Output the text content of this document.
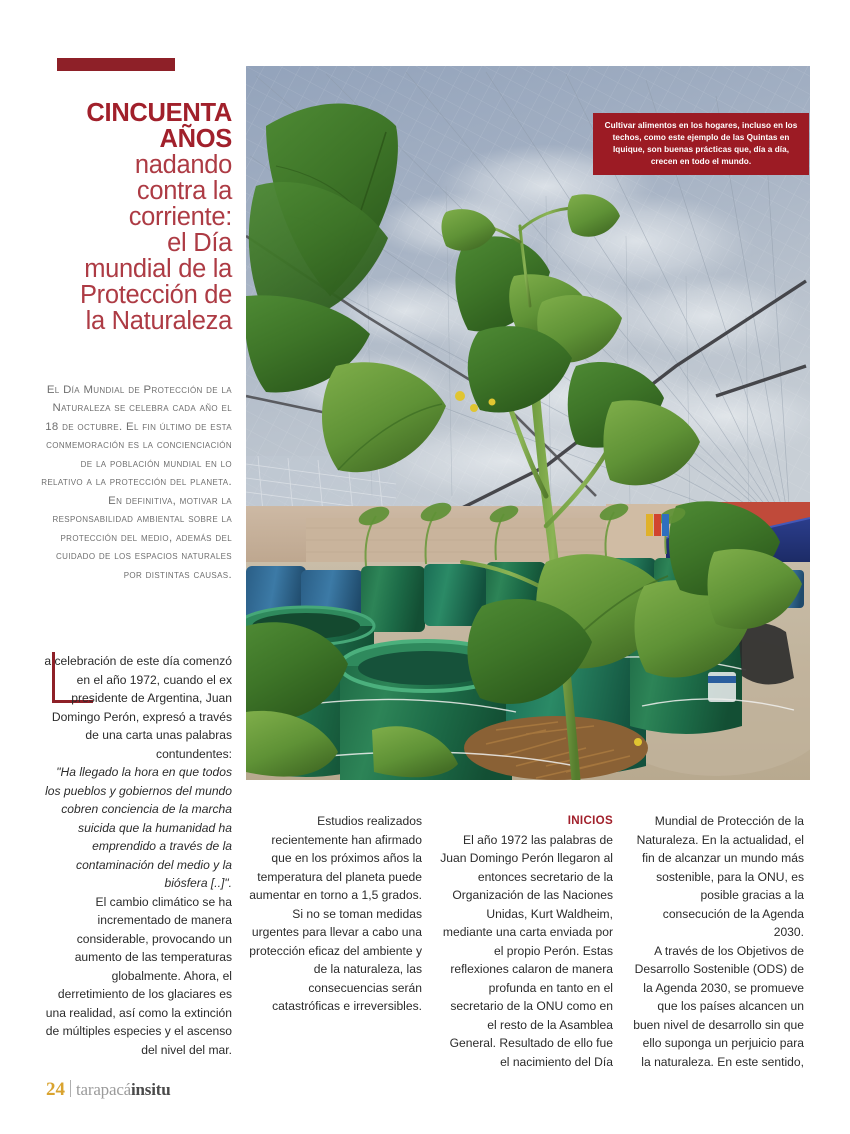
CINCUENTA
AÑOS
nadando
contra la
corriente:
el Día
mundial de la
Protección de
la Naturaleza
El Día Mundial de Protección de la Naturaleza se celebra cada año el 18 de octubre. El fin último de esta conmemoración es la concienciación de la población mundial en lo relativo a la protección del planeta. En definitiva, motivar la responsabilidad ambiental sobre la protección del medio, además del cuidado de los espacios naturales por distintas causas.

a celebración de este día comenzó en el año 1972, cuando el ex presidente de Argentina, Juan Domingo Perón, expresó a través de una carta unas palabras contundentes:

"Ha llegado la hora en que todos los pueblos y gobiernos del mundo cobren conciencia de la marcha suicida que la humanidad ha emprendido a través de la contaminación del medio y la biósfera [..]".

El cambio climático se ha incrementado de manera considerable, provocando un aumento de las temperaturas globalmente. Ahora, el derretimiento de los glaciares es una realidad, así como la extinción de múltiples especies y el ascenso del nivel del mar.

Cultivar alimentos en los hogares, incluso en los techos, como este ejemplo de las Quintas en Iquique, son buenas prácticas que, día a día, crecen en todo el mundo.

Estudios realizados recientemente han afirmado que en los próximos años la temperatura del planeta puede aumentar en torno a 1,5 grados. Si no se toman medidas urgentes para llevar a cabo una protección eficaz del ambiente y de la naturaleza, las consecuencias serán catastróficas e irreversibles.

INICIOS

El año 1972 las palabras de Juan Domingo Perón llegaron al entonces secretario de la Organización de las Naciones Unidas, Kurt Waldheim, mediante una carta enviada por el propio Perón. Estas reflexiones calaron de manera profunda en tanto en el secretario de la ONU como en el resto de la Asamblea General. Resultado de ello fue el nacimiento del Día

Mundial de Protección de la Naturaleza. En la actualidad, el fin de alcanzar un mundo más sostenible, para la ONU, es posible gracias a la consecución de la Agenda 2030.

A través de los Objetivos de Desarrollo Sostenible (ODS) de la Agenda 2030, se promueve que los países alcancen un buen nivel de desarrollo sin que ello suponga un perjuicio para la naturaleza. En este sentido,

24 tarapacáinsitu
